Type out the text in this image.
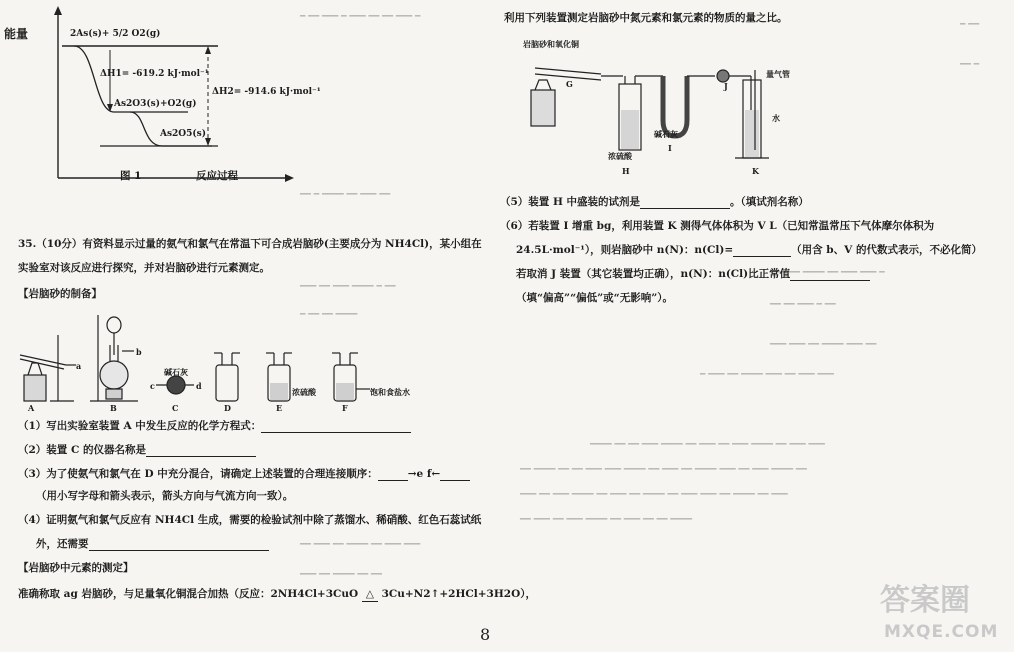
━ ━━ ━━━ ━ ━━━ ━━ ━━ ━━━ ━
━━ ━ ━━━━ ━━ ━━━ ━━
━━━ ━━ ━━━ ━━━━ ━ ━━
━ ━━ ━━ ━━━━
━━━ ━━ ━━━━ ━━ ━━━ ━━━ ━
━━ ━━ ━━━ ━ ━━
━━━ ━━━ ━━ ━━━━ ━━━ ━━
━ ━━━ ━━ ━━━━ ━━━ ━━ ━━━ ━━━
━━━━ ━━ ━━ ━━━ ━━━━ ━━ ━━━ ━━ ━━━ ━━━━ ━━ ━━━ ━━━
━━ ━━━━ ━━ ━━ ━━━ ━━━ ━━━━ ━━ ━━━ ━━ ━━━━ ━━━ ━━ ━━━ ━━━━ ━━
━━━ ━━ ━━━ ━━━━ ━━ ━━━ ━━ ━━━━ ━━ ━━━ ━━━ ━━ ━━━━ ━━ ━━━
━━ ━━━ ━━ ━━━ ━━━━ ━━ ━━━ ━━ ━━ ━━━━
━━ ━━━ ━━ ━━━━ ━━ ━━━ ━━━
━━━ ━━ ━━━━ ━━ ━━
━ ━━
━━ ━
能量	2As(s)+ 5/2 O2(g)
ΔH1= -619.2 kJ·mol⁻¹
ΔH2= -914.6 kJ·mol⁻¹
As2O3(s)+O2(g)
As2O5(s)
图 1	反应过程
35.（10分）有资料显示过量的氨气和氯气在常温下可合成岩脑砂(主要成分为 NH4Cl)，某小组在
实验室对该反应进行探究，并对岩脑砂进行元素测定。
【岩脑砂的制备】
A	B	C	D	E	F
a
b
c	d
碱石灰
浓硫酸	饱和食盐水
（1）写出实验室装置 A 中发生反应的化学方程式：
（2）装置 C 的仪器名称是
（3）为了使氨气和氯气在 D 中充分混合，请确定上述装置的合理连接顺序：	→e f←
（用小写字母和箭头表示，箭头方向与气流方向一致）。
（4）证明氨气和氯气反应有 NH4Cl 生成，需要的检验试剂中除了蒸馏水、稀硝酸、红色石蕊试纸
外，还需要
【岩脑砂中元素的测定】
准确称取 ag 岩脑砂，与足量氧化铜混合加热（反应：2NH4Cl+3CuO △ 3Cu+N2↑+2HCl+3H2O），
利用下列装置测定岩脑砂中氮元素和氯元素的物质的量之比。
岩脑砂和氧化铜
G
浓硫酸
H
碱石灰
I
J
量气管
水
K
（5）装置 H 中盛装的试剂是	。（填试剂名称）
（6）若装置 I 增重 bg，利用装置 K 测得气体体积为 V L（已知常温常压下气体摩尔体积为
24.5L·mol⁻¹），则岩脑砂中 n(N)：n(Cl)=	（用含 b、V 的代数式表示，不必化简）
若取消 J 装置（其它装置均正确），n(N)：n(Cl)比正常值
（填“偏高”“偏低”或“无影响”）。
8
答案圈
MXQE.COM
